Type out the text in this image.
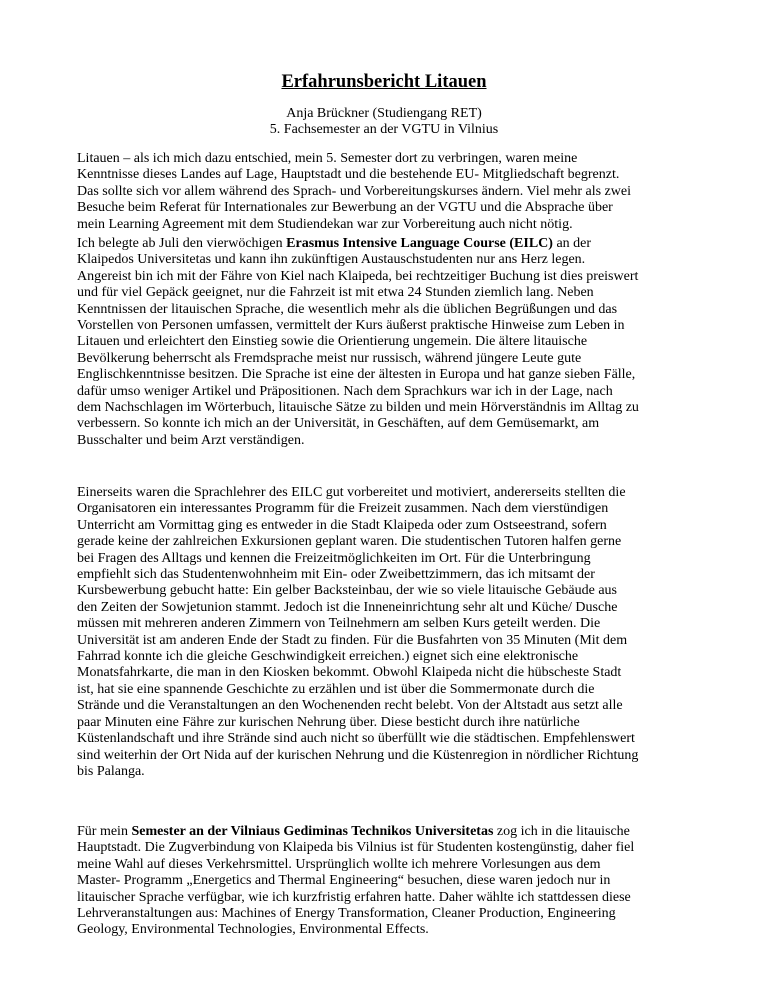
Erfahrunsbericht Litauen
Anja Brückner (Studiengang RET)
5. Fachsemester an der VGTU in Vilnius

Litauen – als ich mich dazu entschied, mein 5. Semester dort zu verbringen, waren meine
Kenntnisse dieses Landes auf Lage, Hauptstadt und die bestehende EU- Mitgliedschaft begrenzt.
Das sollte sich vor allem während des Sprach- und Vorbereitungskurses ändern. Viel mehr als zwei
Besuche beim Referat für Internationales zur Bewerbung an der VGTU und die Absprache über
mein Learning Agreement mit dem Studiendekan war zur Vorbereitung auch nicht nötig.

Ich belegte ab Juli den vierwöchigen Erasmus Intensive Language Course (EILC) an der
Klaipedos Universitetas und kann ihn zukünftigen Austauschstudenten nur ans Herz legen.
Angereist bin ich mit der Fähre von Kiel nach Klaipeda, bei rechtzeitiger Buchung ist dies preiswert
und für viel Gepäck geeignet, nur die Fahrzeit ist mit etwa 24 Stunden ziemlich lang. Neben
Kenntnissen der litauischen Sprache, die wesentlich mehr als die üblichen Begrüßungen und das
Vorstellen von Personen umfassen, vermittelt der Kurs äußerst praktische Hinweise zum Leben in
Litauen und erleichtert den Einstieg sowie die Orientierung ungemein. Die ältere litauische
Bevölkerung beherrscht als Fremdsprache meist nur russisch, während jüngere Leute gute
Englischkenntnisse besitzen. Die Sprache ist eine der ältesten in Europa und hat ganze sieben Fälle,
dafür umso weniger Artikel und Präpositionen. Nach dem Sprachkurs war ich in der Lage, nach
dem Nachschlagen im Wörterbuch, litauische Sätze zu bilden und mein Hörverständnis im Alltag zu
verbessern. So konnte ich mich an der Universität, in Geschäften, auf dem Gemüsemarkt, am
Busschalter und beim Arzt verständigen.

Einerseits waren die Sprachlehrer des EILC gut vorbereitet und motiviert, andererseits stellten die
Organisatoren ein interessantes Programm für die Freizeit zusammen. Nach dem vierstündigen
Unterricht am Vormittag ging es entweder in die Stadt Klaipeda oder zum Ostseestrand, sofern
gerade keine der zahlreichen Exkursionen geplant waren. Die studentischen Tutoren halfen gerne
bei Fragen des Alltags und kennen die Freizeitmöglichkeiten im Ort. Für die Unterbringung
empfiehlt sich das Studentenwohnheim mit Ein- oder Zweibettzimmern, das ich mitsamt der
Kursbewerbung gebucht hatte: Ein gelber Backsteinbau, der wie so viele litauische Gebäude aus
den Zeiten der Sowjetunion stammt. Jedoch ist die Inneneinrichtung sehr alt und Küche/ Dusche
müssen mit mehreren anderen Zimmern von Teilnehmern am selben Kurs geteilt werden. Die
Universität ist am anderen Ende der Stadt zu finden. Für die Busfahrten von 35 Minuten (Mit dem
Fahrrad konnte ich die gleiche Geschwindigkeit erreichen.) eignet sich eine elektronische
Monatsfahrkarte, die man in den Kiosken bekommt. Obwohl Klaipeda nicht die hübscheste Stadt
ist, hat sie eine spannende Geschichte zu erzählen und ist über die Sommermonate durch die
Strände und die Veranstaltungen an den Wochenenden recht belebt. Von der Altstadt aus setzt alle
paar Minuten eine Fähre zur kurischen Nehrung über. Diese besticht durch ihre natürliche
Küstenlandschaft und ihre Strände sind auch nicht so überfüllt wie die städtischen. Empfehlenswert
sind weiterhin der Ort Nida auf der kurischen Nehrung und die Küstenregion in nördlicher Richtung
bis Palanga.

Für mein Semester an der Vilniaus Gediminas Technikos Universitetas zog ich in die litauische
Hauptstadt. Die Zugverbindung von Klaipeda bis Vilnius ist für Studenten kostengünstig, daher fiel
meine Wahl auf dieses Verkehrsmittel. Ursprünglich wollte ich mehrere Vorlesungen aus dem
Master- Programm „Energetics and Thermal Engineering“ besuchen, diese waren jedoch nur in
litauischer Sprache verfügbar, wie ich kurzfristig erfahren hatte. Daher wählte ich stattdessen diese
Lehrveranstaltungen aus: Machines of Energy Transformation, Cleaner Production, Engineering
Geology, Environmental Technologies, Environmental Effects.
